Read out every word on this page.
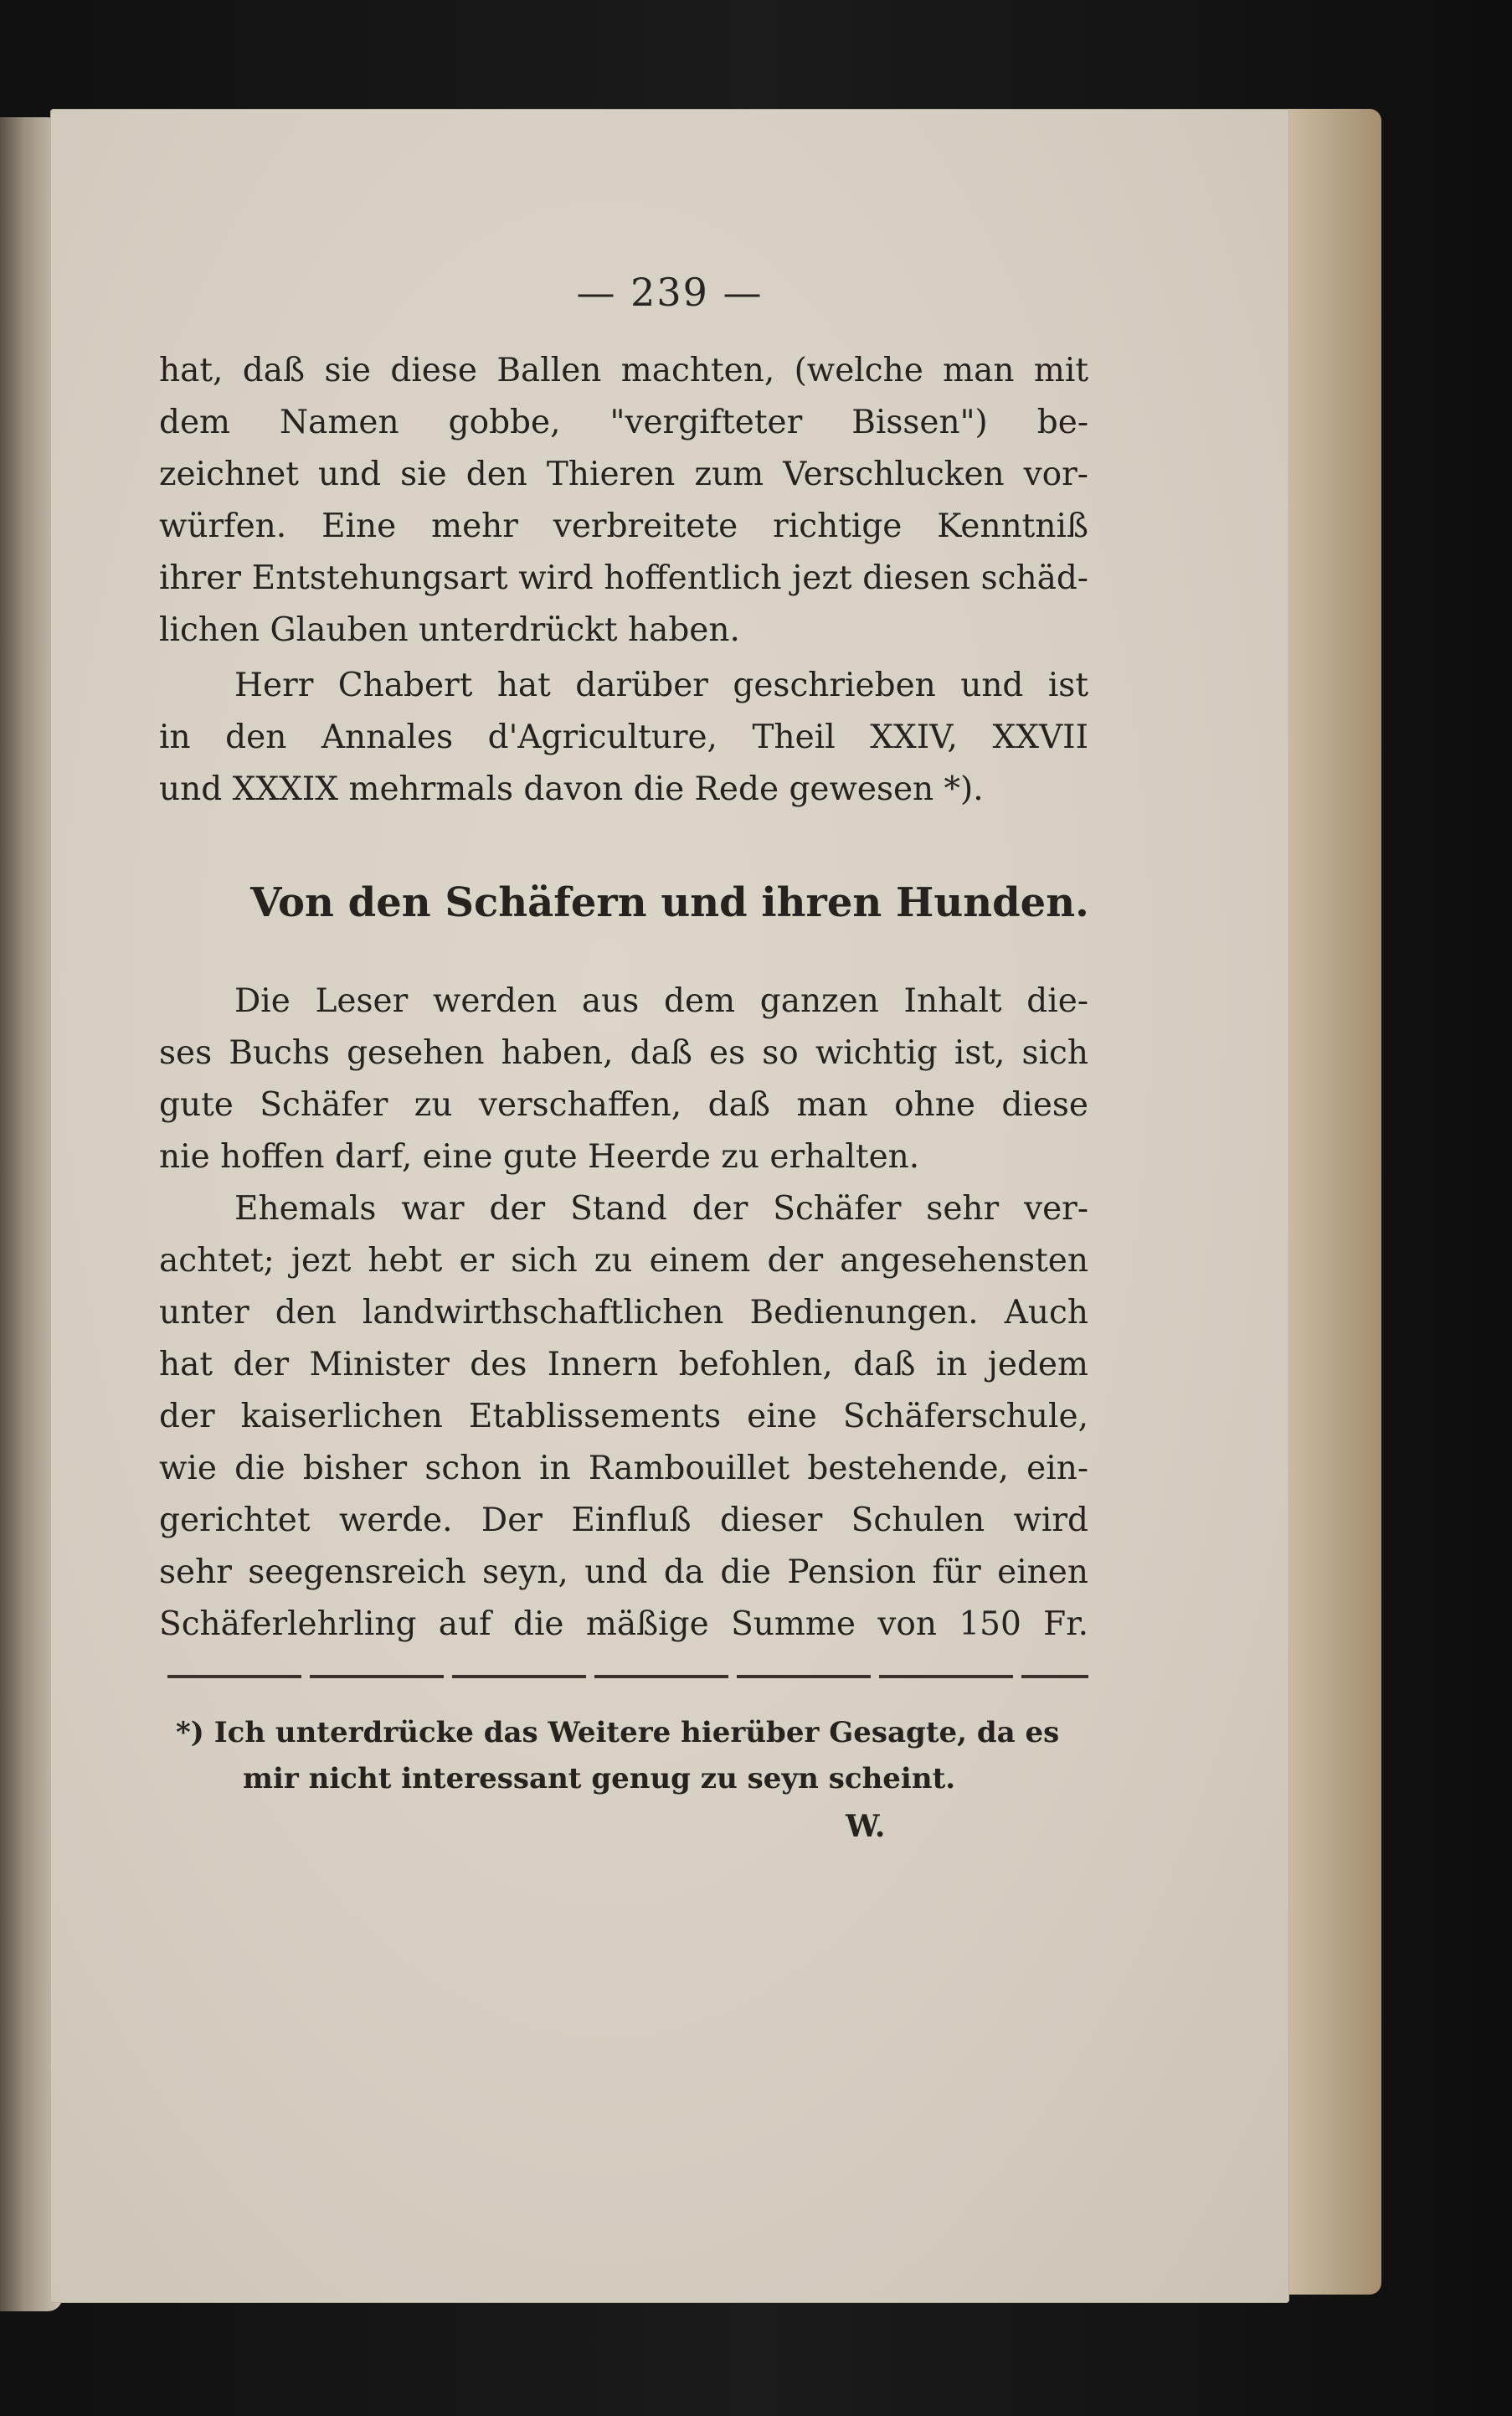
— 239 —
hat, daß sie diese Ballen machten, (welche man mit
dem Namen gobbe, "vergifteter Bissen") be-
zeichnet und sie den Thieren zum Verschlucken vor-
würfen. Eine mehr verbreitete richtige Kenntniß
ihrer Entstehungsart wird hoffentlich jezt diesen schäd-
lichen Glauben unterdrückt haben.
Herr Chabert hat darüber geschrieben und ist
in den Annales d'Agriculture, Theil XXIV, XXVII
und XXXIX mehrmals davon die Rede gewesen *).
Von den Schäfern und ihren Hunden.
Die Leser werden aus dem ganzen Inhalt die-
ses Buchs gesehen haben, daß es so wichtig ist, sich
gute Schäfer zu verschaffen, daß man ohne diese
nie hoffen darf, eine gute Heerde zu erhalten.
Ehemals war der Stand der Schäfer sehr ver-
achtet; jezt hebt er sich zu einem der angesehensten
unter den landwirthschaftlichen Bedienungen. Auch
hat der Minister des Innern befohlen, daß in jedem
der kaiserlichen Etablissements eine Schäferschule,
wie die bisher schon in Rambouillet bestehende, ein-
gerichtet werde. Der Einfluß dieser Schulen wird
sehr seegensreich seyn, und da die Pension für einen
Schäferlehrling auf die mäßige Summe von 150 Fr.
*) Ich unterdrücke das Weitere hierüber Gesagte, da es
mir nicht interessant genug zu seyn scheint.
W.
